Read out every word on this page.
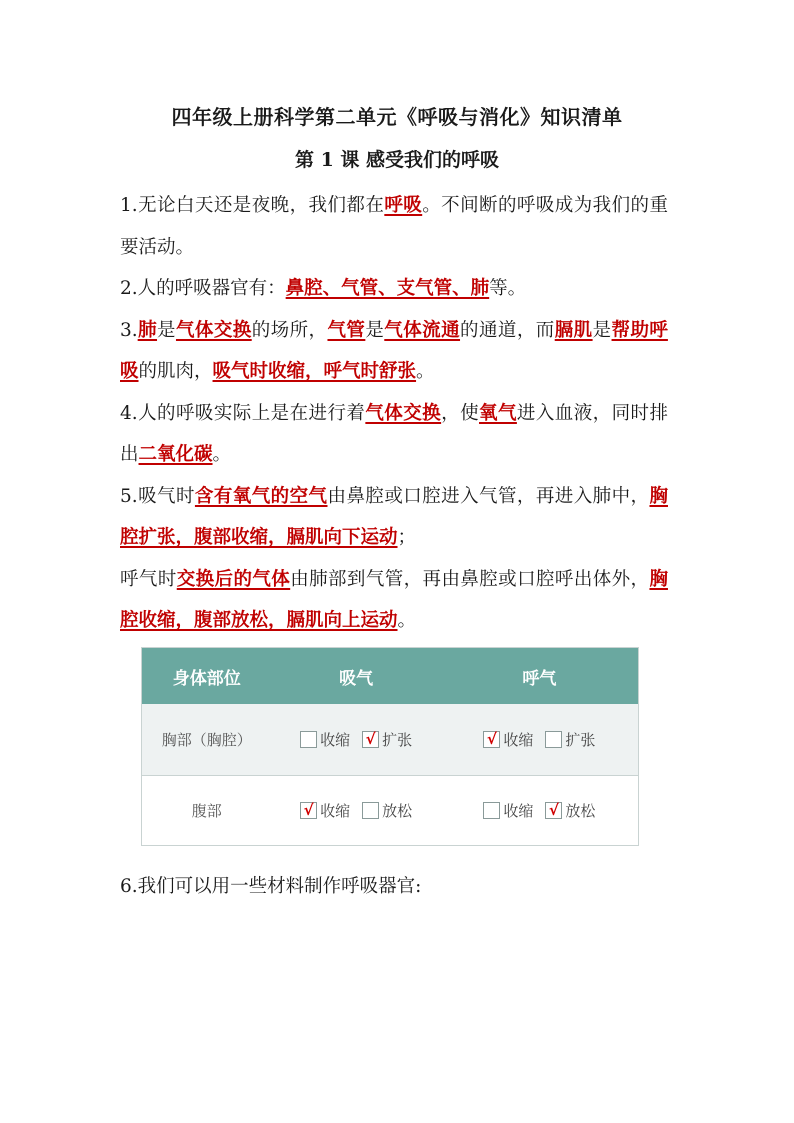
四年级上册科学第二单元《呼吸与消化》知识清单
第 1 课 感受我们的呼吸

1.无论白天还是夜晚，我们都在呼吸。不间断的呼吸成为我们的重要活动。

2.人的呼吸器官有：鼻腔、气管、支气管、肺等。

3.肺是气体交换的场所，气管是气体流通的通道，而膈肌是帮助呼吸的肌肉，吸气时收缩，呼气时舒张。

4.人的呼吸实际上是在进行着气体交换，使氧气进入血液，同时排出二氧化碳。

5.吸气时含有氧气的空气由鼻腔或口腔进入气管，再进入肺中，胸腔扩张，腹部收缩，膈肌向下运动；

呼气时交换后的气体由肺部到气管，再由鼻腔或口腔呼出体外，胸腔收缩，腹部放松，膈肌向上运动。

身体部位	吸气	呼气
胸部（胸腔）	收缩 √ 扩张	√ 收缩 扩张
腹部	√ 收缩 放松	收缩 √ 放松

6.我们可以用一些材料制作呼吸器官:
